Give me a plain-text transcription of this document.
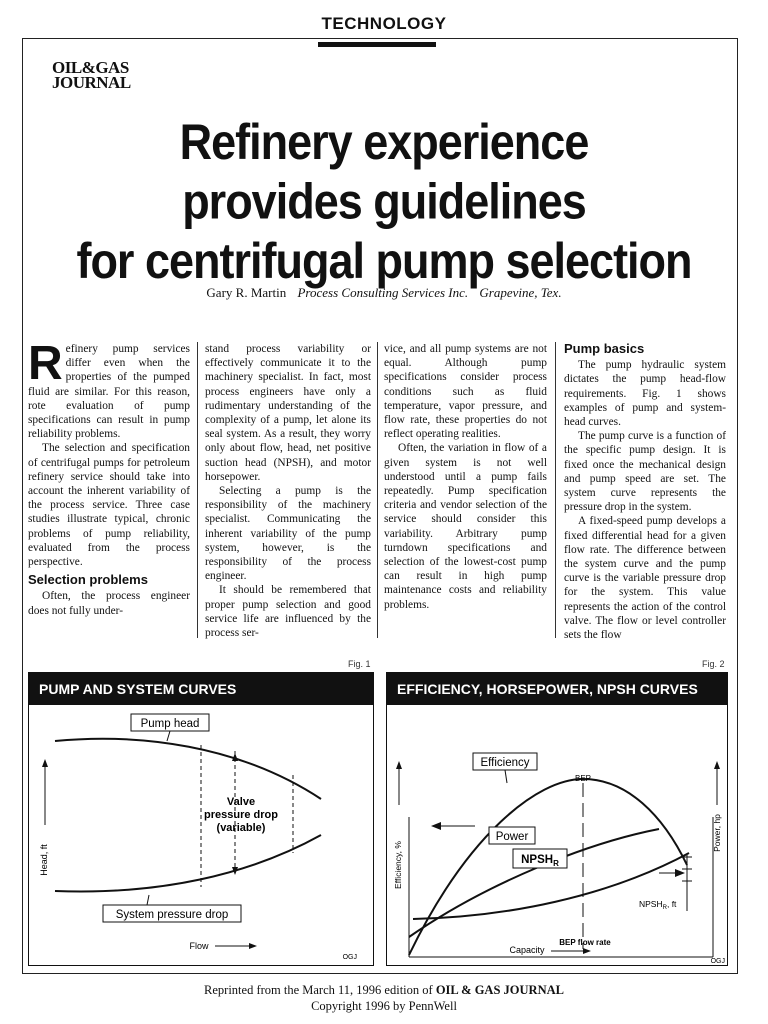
TECHNOLOGY
OIL&GAS
JOURNAL
Refinery experience
provides guidelines
for centrifugal pump selection
Gary R. Martin Process Consulting Services Inc. Grapevine, Tex.
R efinery pump services differ even when the properties of the pumped fluid are similar. For this reason, rote evaluation of pump specifications can result in pump reliability problems.

The selection and specification of centrifugal pumps for petroleum refinery service should take into account the inherent variability of the process service. Three case studies illustrate typical, chronic problems of pump reliability, evaluated from the process perspective.

Selection problems

Often, the process engineer does not fully under-

stand process variability or effectively communicate it to the machinery specialist. In fact, most process engineers have only a rudimentary understanding of the complexity of a pump, let alone its seal system. As a result, they worry only about flow, head, net positive suction head (NPSH), and motor horsepower.

Selecting a pump is the responsibility of the machinery specialist. Communicating the inherent variability of the pump system, however, is the responsibility of the process engineer.

It should be remembered that proper pump selection and good service life are influenced by the process ser-

vice, and all pump systems are not equal. Although pump specifications consider process conditions such as fluid temperature, vapor pressure, and flow rate, these properties do not reflect operating realities.

Often, the variation in flow of a given system is not well understood until a pump fails repeatedly. Pump specification criteria and vendor selection of the service should consider this variability. Arbitrary pump turndown specifications and selection of the lowest-cost pump can result in high pump maintenance costs and reliability problems.

Pump basics

The pump hydraulic system dictates the pump head-flow requirements. Fig. 1 shows examples of pump and system-head curves.

The pump curve is a function of the specific pump design. It is fixed once the mechanical design and pump speed are set. The system curve represents the pressure drop in the system.

A fixed-speed pump develops a fixed differential head for a given flow rate. The difference between the system curve and the pump curve is the variable pressure drop for the system. This value represents the action of the control valve. The flow or level controller sets the flow

Fig. 1
PUMP AND SYSTEM CURVES
Pump head
Valve
pressure drop
(variable)
System pressure drop
Head, ft
Flow
OGJ
Fig. 2
EFFICIENCY, HORSEPOWER, NPSH CURVES
Efficiency
BEP
Power
$NPSH_R$
$NPSH_R$, ft
Efficiency, %
Power, hp
BEP flow rate
Capacity
OGJ
Reprinted from the March 11, 1996 edition of OIL & GAS JOURNAL
Copyright 1996 by PennWell
